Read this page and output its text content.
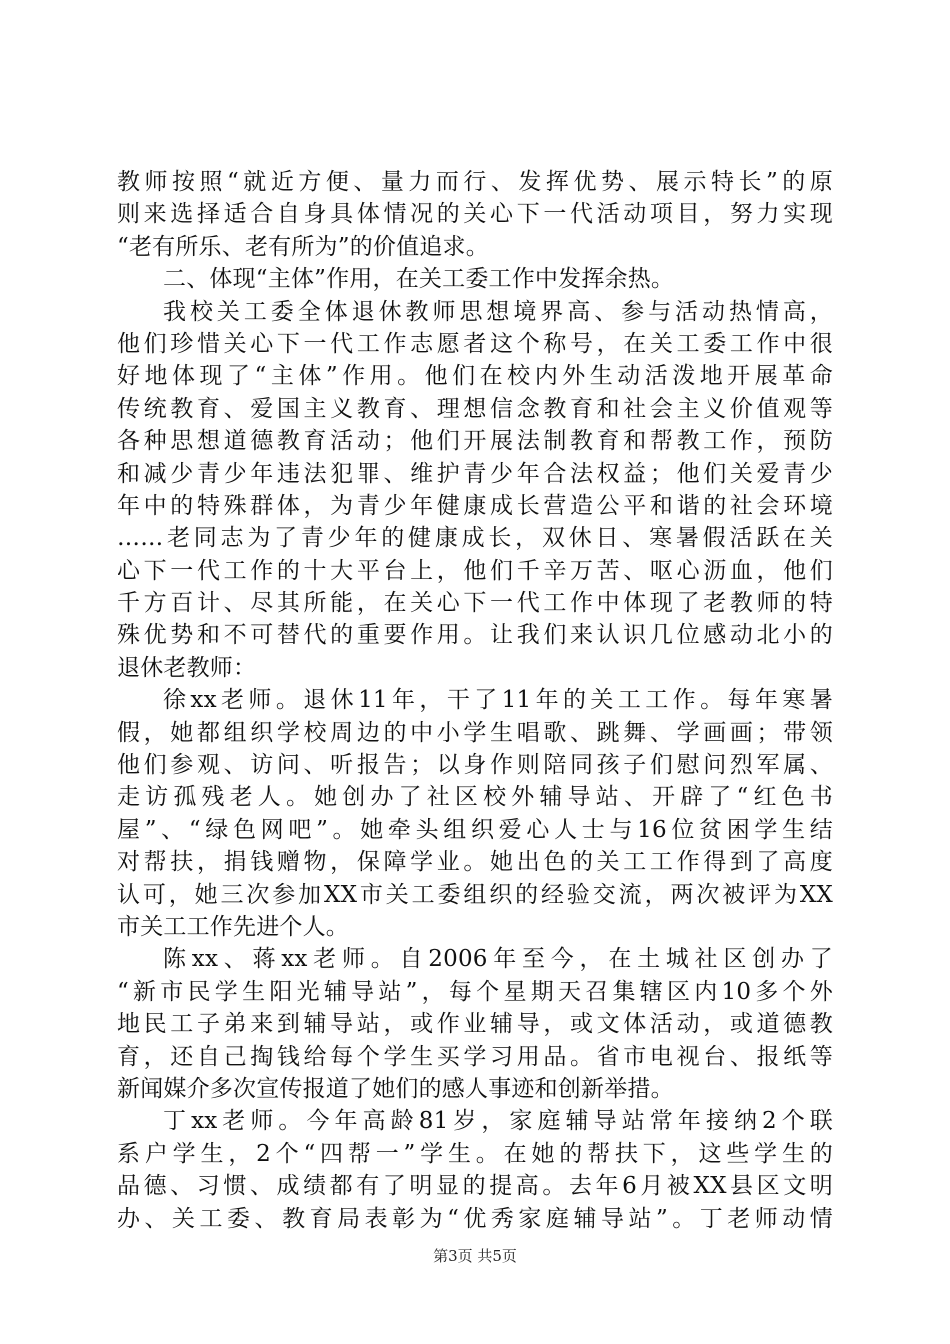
教师按照“就近方便、量力而行、发挥优势、展示特长”的原
则来选择适合自身具体情况的关心下一代活动项目，努力实现
“老有所乐、老有所为”的价值追求。
二、体现“主体”作用，在关工委工作中发挥余热。
我校关工委全体退休教师思想境界高、参与活动热情高，
他们珍惜关心下一代工作志愿者这个称号，在关工委工作中很
好地体现了“主体”作用。他们在校内外生动活泼地开展革命
传统教育、爱国主义教育、理想信念教育和社会主义价值观等
各种思想道德教育活动；他们开展法制教育和帮教工作，预防
和减少青少年违法犯罪、维护青少年合法权益；他们关爱青少
年中的特殊群体，为青少年健康成长营造公平和谐的社会环境
……老同志为了青少年的健康成长，双休日、寒暑假活跃在关
心下一代工作的十大平台上，他们千辛万苦、呕心沥血，他们
千方百计、尽其所能，在关心下一代工作中体现了老教师的特
殊优势和不可替代的重要作用。让我们来认识几位感动北小的
退休老教师：
徐xx老师。退休11年，干了11年的关工工作。每年寒暑
假，她都组织学校周边的中小学生唱歌、跳舞、学画画；带领
他们参观、访问、听报告；以身作则陪同孩子们慰问烈军属、
走访孤残老人。她创办了社区校外辅导站、开辟了“红色书
屋”、“绿色网吧”。她牵头组织爱心人士与16位贫困学生结
对帮扶，捐钱赠物，保障学业。她出色的关工工作得到了高度
认可，她三次参加XX市关工委组织的经验交流，两次被评为XX
市关工工作先进个人。
陈xx、蒋xx老师。自2006年至今，在土城社区创办了
“新市民学生阳光辅导站”，每个星期天召集辖区内10多个外
地民工子弟来到辅导站，或作业辅导，或文体活动，或道德教
育，还自己掏钱给每个学生买学习用品。省市电视台、报纸等
新闻媒介多次宣传报道了她们的感人事迹和创新举措。
丁xx老师。今年高龄81岁，家庭辅导站常年接纳2个联
系户学生，2个“四帮一”学生。在她的帮扶下，这些学生的
品德、习惯、成绩都有了明显的提高。去年6月被XX县区文明
办、关工委、教育局表彰为“优秀家庭辅导站”。丁老师动情
第3页 共5页
